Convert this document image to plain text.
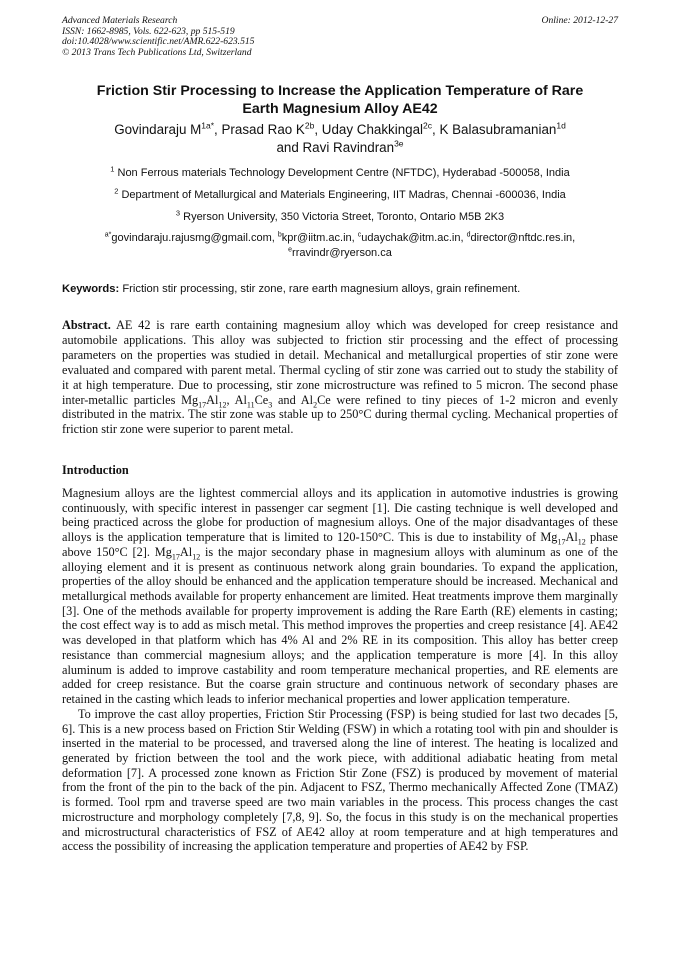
Advanced Materials Research
ISSN: 1662-8985, Vols. 622-623, pp 515-519
doi:10.4028/www.scientific.net/AMR.622-623.515
© 2013 Trans Tech Publications Ltd, Switzerland
Online: 2012-12-27
Friction Stir Processing to Increase the Application Temperature of Rare
Earth Magnesium Alloy AE42
Govindaraju $M^{1a*}$, Prasad Rao $K^{2b}$, Uday Chakkingal$^{2c}$, K Balasubramanian$^{1d}$
and Ravi Ravindran$^{3e}$
$^1$ Non Ferrous materials Technology Development Centre (NFTDC), Hyderabad -500058, India
$^2$ Department of Metallurgical and Materials Engineering, IIT Madras, Chennai -600036, India
$^3$ Ryerson University, 350 Victoria Street, Toronto, Ontario M5B 2K3
$^{a*}$govindaraju.rajusmg@gmail.com, $^b$kpr@iitm.ac.in, $^c$udaychak@itm.ac.in, $^d$director@nftdc.res.in,
$^e$rravindr@ryerson.ca
Keywords: Friction stir processing, stir zone, rare earth magnesium alloys, grain refinement.
Abstract. AE 42 is rare earth containing magnesium alloy which was developed for creep resistance and automobile applications. This alloy was subjected to friction stir processing and the effect of processing parameters on the properties was studied in detail. Mechanical and metallurgical properties of stir zone were evaluated and compared with parent metal. Thermal cycling of stir zone was carried out to study the stability of it at high temperature. Due to processing, stir zone microstructure was refined to 5 micron. The second phase inter-metallic particles $Mg_{17}Al_{12}$, $Al_{11}Ce_3$ and $Al_2Ce$ were refined to tiny pieces of 1-2 micron and evenly distributed in the matrix. The stir zone was stable up to 250°C during thermal cycling. Mechanical properties of friction stir zone were superior to parent metal.
Introduction

Magnesium alloys are the lightest commercial alloys and its application in automotive industries is growing continuously, with specific interest in passenger car segment [1]. Die casting technique is well developed and being practiced across the globe for production of magnesium alloys. One of the major disadvantages of these alloys is the application temperature that is limited to 120-150°C. This is due to instability of $Mg_{17}Al_{12}$ phase above 150°C [2]. $Mg_{17}Al_{12}$ is the major secondary phase in magnesium alloys with aluminum as one of the alloying element and it is present as continuous network along grain boundaries. To expand the application, properties of the alloy should be enhanced and the application temperature should be increased. Mechanical and metallurgical methods available for property enhancement are limited. Heat treatments improve them marginally [3]. One of the methods available for property improvement is adding the Rare Earth (RE) elements in casting; the cost effect way is to add as misch metal. This method improves the properties and creep resistance [4]. AE42 was developed in that platform which has 4% Al and 2% RE in its composition. This alloy has better creep resistance than commercial magnesium alloys; and the application temperature is more [4]. In this alloy aluminum is added to improve castability and room temperature mechanical properties, and RE elements are added for creep resistance. But the coarse grain structure and continuous network of secondary phases are retained in the casting which leads to inferior mechanical properties and lower application temperature.

To improve the cast alloy properties, Friction Stir Processing (FSP) is being studied for last two decades [5, 6]. This is a new process based on Friction Stir Welding (FSW) in which a rotating tool with pin and shoulder is inserted in the material to be processed, and traversed along the line of interest. The heating is localized and generated by friction between the tool and the work piece, with additional adiabatic heating from metal deformation [7]. A processed zone known as Friction Stir Zone (FSZ) is produced by movement of material from the front of the pin to the back of the pin. Adjacent to FSZ, Thermo mechanically Affected Zone (TMAZ) is formed. Tool rpm and traverse speed are two main variables in the process. This process changes the cast microstructure and morphology completely [7,8, 9]. So, the focus in this study is on the mechanical properties and microstructural characteristics of FSZ of AE42 alloy at room temperature and at high temperatures and access the possibility of increasing the application temperature and properties of AE42 by FSP.
